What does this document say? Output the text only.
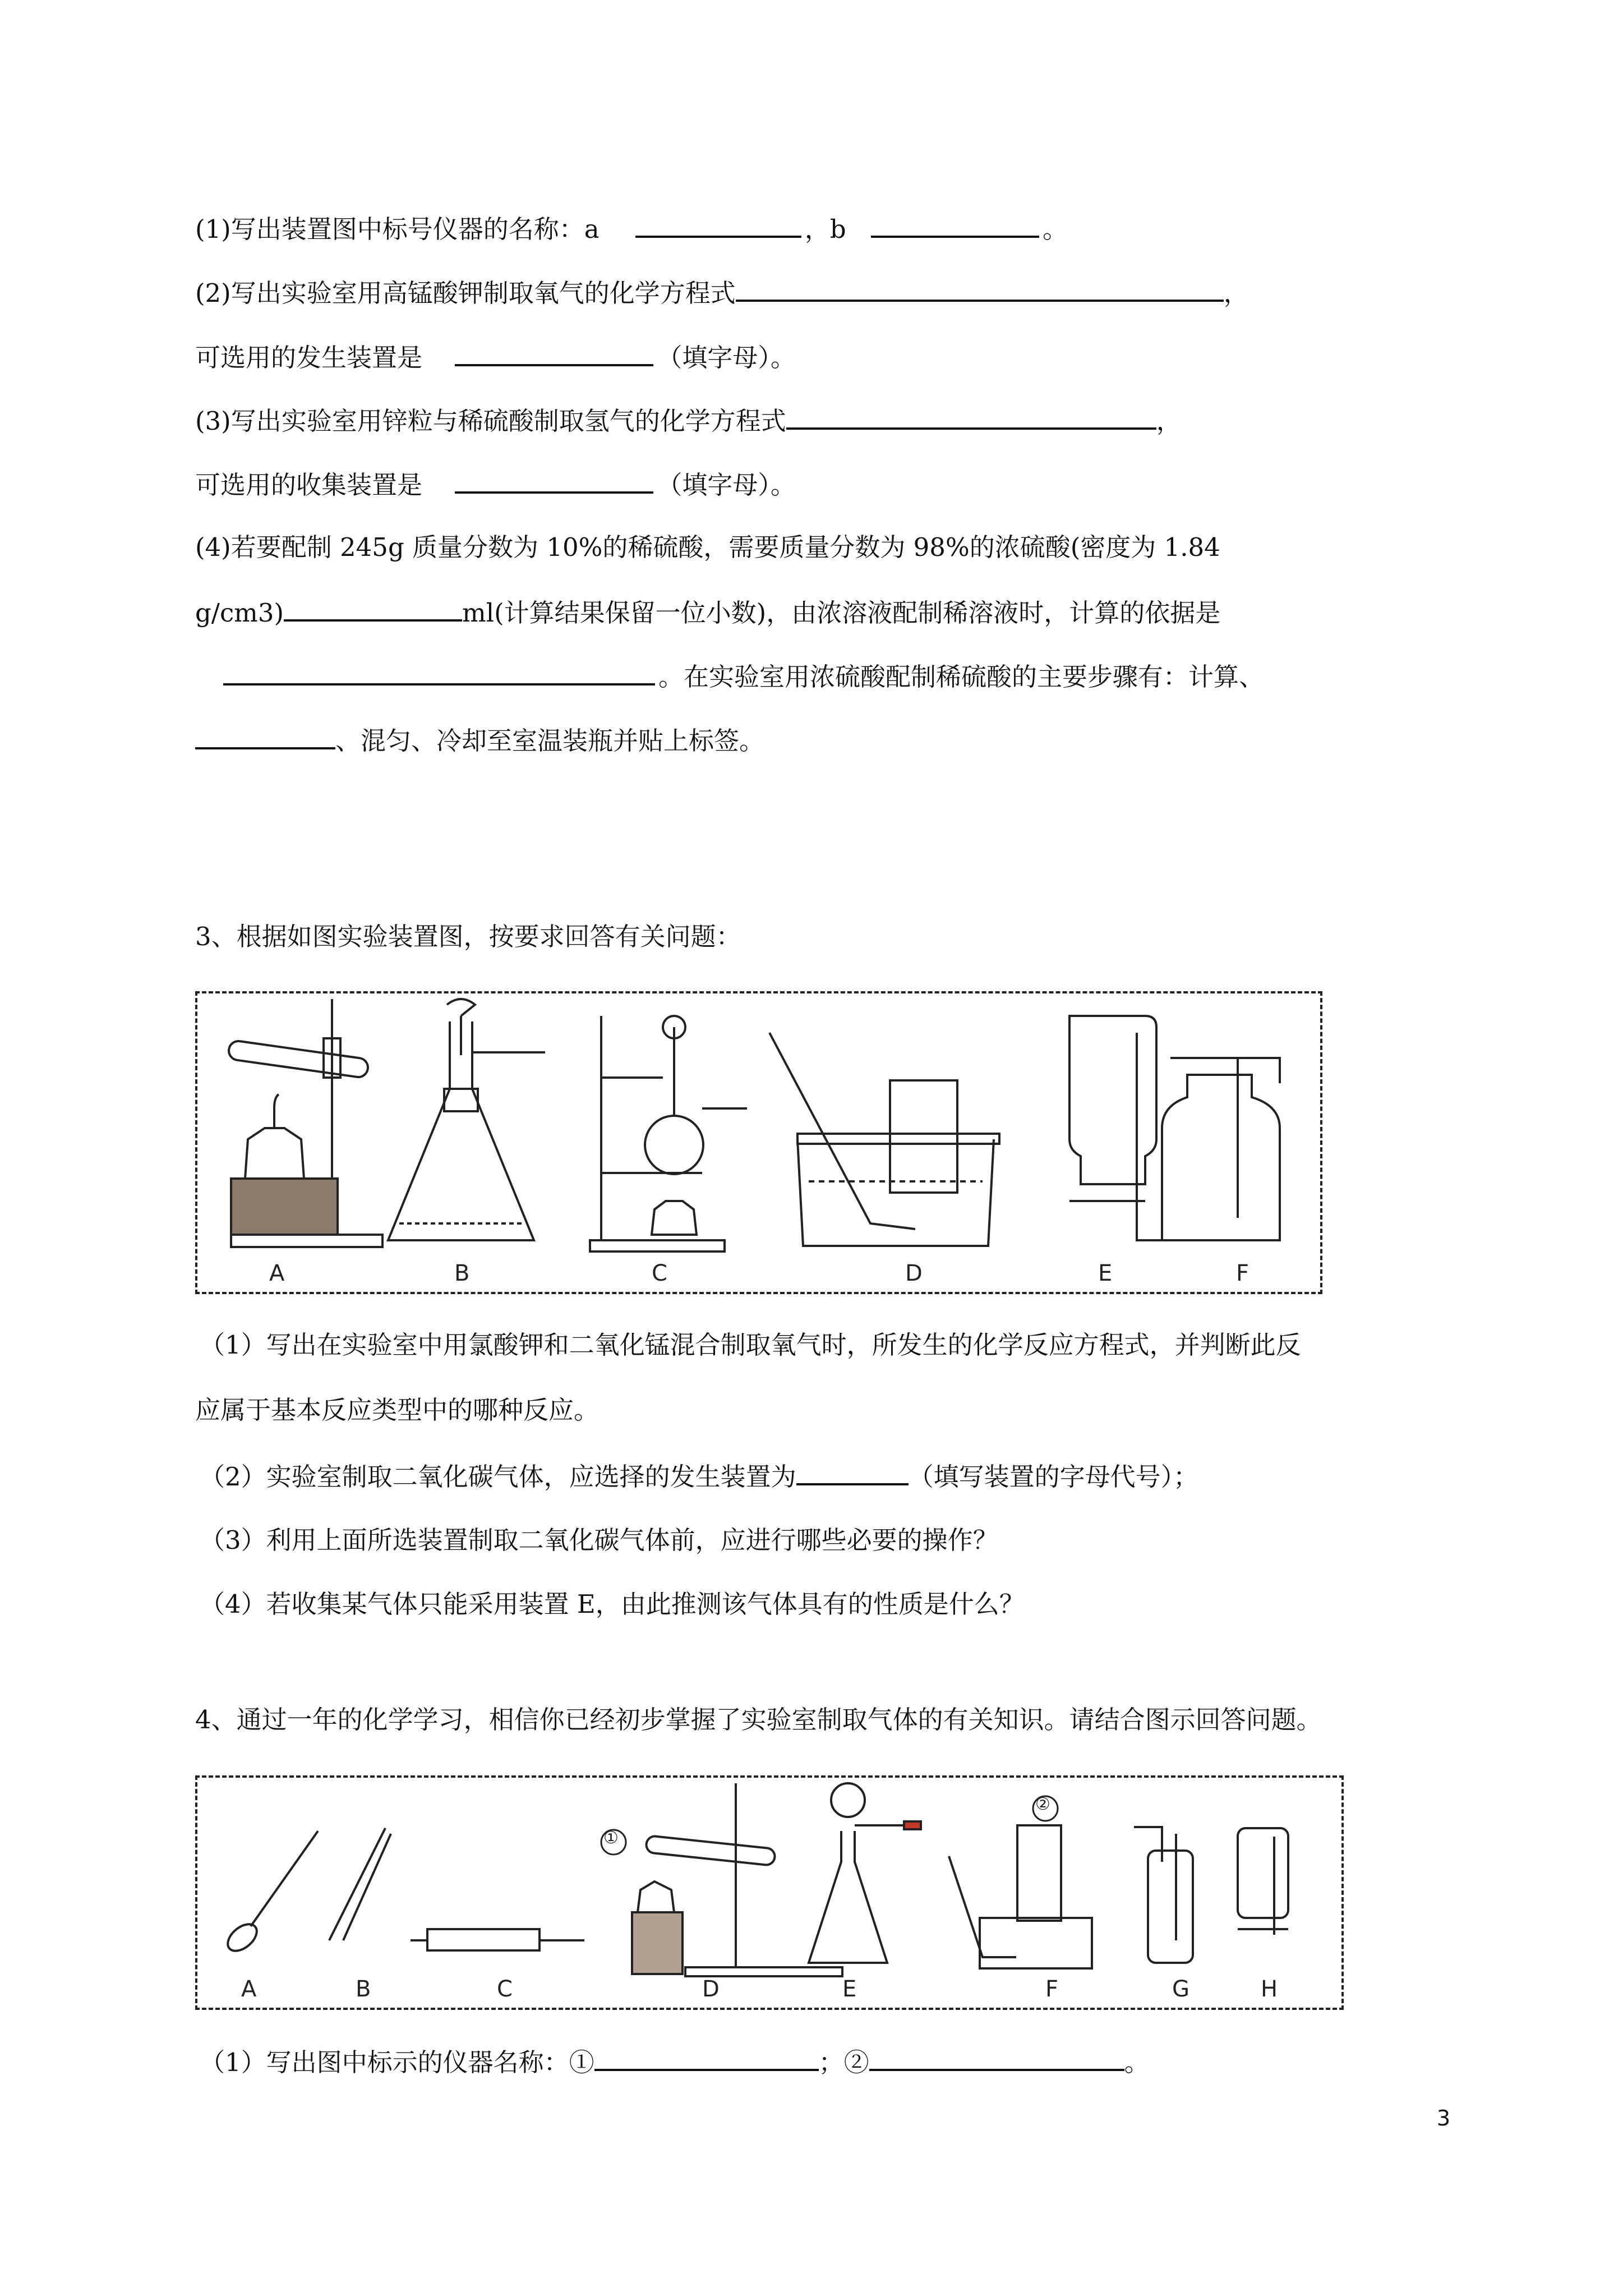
(1)写出装置图中标号仪器的名称：a	，b	。
(2)写出实验室用高锰酸钾制取氧气的化学方程式	，
可选用的发生装置是	（填字母）。
(3)写出实验室用锌粒与稀硫酸制取氢气的化学方程式	，
可选用的收集装置是	（填字母）。
(4)若要配制 245g 质量分数为 10%的稀硫酸，需要质量分数为 98%的浓硫酸(密度为 1.84
g/cm3)	ml(计算结果保留一位小数)，由浓溶液配制稀溶液时，计算的依据是
。在实验室用浓硫酸配制稀硫酸的主要步骤有：计算、
、混匀、冷却至室温装瓶并贴上标签。
3、根据如图实验装置图，按要求回答有关问题：
A	B	C	D	E	F
（1）写出在实验室中用氯酸钾和二氧化锰混合制取氧气时，所发生的化学反应方程式，并判断此反
应属于基本反应类型中的哪种反应。
（2）实验室制取二氧化碳气体，应选择的发生装置为	（填写装置的字母代号）；
（3）利用上面所选装置制取二氧化碳气体前，应进行哪些必要的操作？
（4）若收集某气体只能采用装置 E，由此推测该气体具有的性质是什么？
4、通过一年的化学学习，相信你已经初步掌握了实验室制取气体的有关知识。请结合图示回答问题。
①
②
A	B	C	D	E	F	G	H
（1）写出图中标示的仪器名称：①	；②	。
3
